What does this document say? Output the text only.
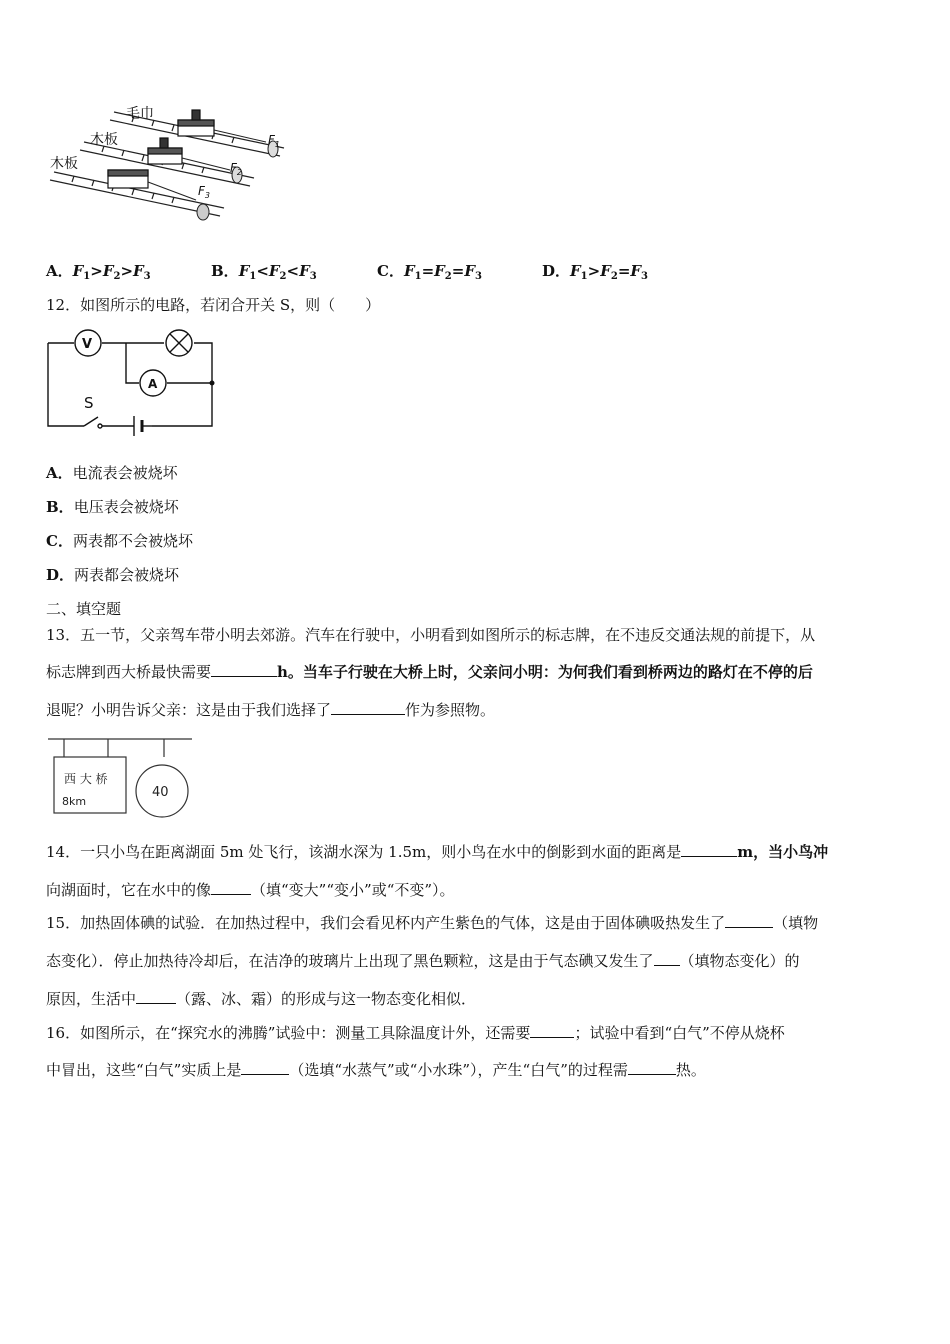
毛巾
木板
木板
$F_1$
$F_2$
$F_3$
A．$F_1>F_2>F_3$	B．$F_1<F_2<F_3$	C．$F_1=F_2=F_3$	D．$F_1>F_2=F_3$
12．如图所示的电路，若闭合开关 S，则（　　）
V
A
S
A．电流表会被烧坏
B．电压表会被烧坏
C．两表都不会被烧坏
D．两表都会被烧坏
二、填空题
13．五一节，父亲驾车带小明去郊游。汽车在行驶中，小明看到如图所示的标志牌，在不违反交通法规的前提下，从
标志牌到西大桥最快需要	h。当车子行驶在大桥上时，父亲问小明：为何我们看到桥两边的路灯在不停的后
退呢？小明告诉父亲：这是由于我们选择了	作为参照物。
西 大 桥
8km
40
14．一只小鸟在距离湖面 5m 处飞行，该湖水深为 1.5m，则小鸟在水中的倒影到水面的距离是	m，当小鸟冲
向湖面时，它在水中的像	（填“变大”“变小”或“不变”）。
15．加热固体碘的试验．在加热过程中，我们会看见杯内产生紫色的气体，这是由于固体碘吸热发生了	（填物
态变化）．停止加热待冷却后，在洁净的玻璃片上出现了黑色颗粒，这是由于气态碘又发生了 （填物态变化）的
原因，生活中	（露、冰、霜）的形成与这一物态变化相似．
16．如图所示，在“探究水的沸腾”试验中：测量工具除温度计外，还需要	；试验中看到“白气”不停从烧杯
中冒出，这些“白气”实质上是	（选填“水蒸气”或“小水珠”），产生“白气”的过程需	热。
